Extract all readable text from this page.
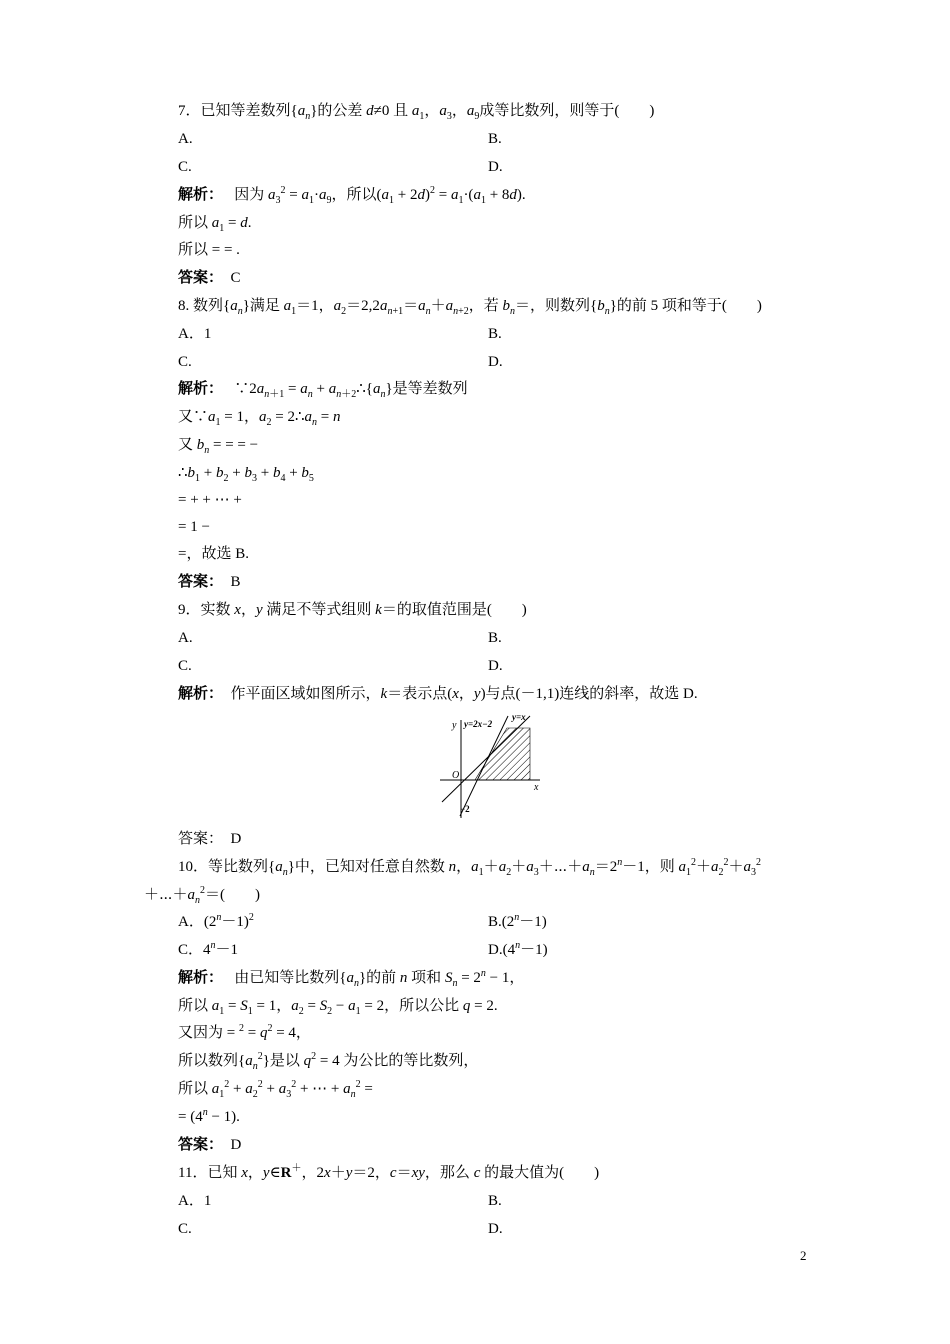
7．已知等差数列$\{a_n\}$的公差 d≠0 且 $a_1$，$a_3$，$a_9$成等比数列，则等于(　　)
A.	B.
C.	D.
解析：　 因为 $a_3^2 = a_1\cdot a_9$，所以$(a_1 + 2d)^2 = a_1\cdot(a_1 + 8d)$.
所以 $a_1 = d$.
所以 = = .
答案：　C
8. 数列$\{a_n\}$满足 $a_1=1$，$a_2=2,2a_{n+1}=a_n+a_{n+2}$，若 $b_n=$，则数列$\{b_n\}$的前 5 项和等于(　　)
A．1	B.
C.	D.
解析：　 $\because 2a_{n+1} = a_n$ + $a_{n+2}\therefore\{a_n\}$是等差数列
又$\because a_1 = 1$，$a_2$ = $2\therefore a_n = n$
又 $b_n$ = = = −
$\therefore b_1 + b_2 + b_3 + b_4 + b_5$
= + + ⋯ +
= 1 −
=，故选 B.
答案：　B
9．实数 x，y 满足不等式组则 k＝的取值范围是(　　)
A.	B.
C.	D.
解析：　作平面区域如图所示，k＝表示点(x，y)与点(－1,1)连线的斜率，故选 D.
答案：　D
10．等比数列$\{a_n\}$中，已知对任意自然数 n，$a_1+a_2+a_3+\cdots+a_n=2^n-1$，则 $a_1^2+a_2^2+a_3^2$
$+\cdots+a_n^2=$(　　)
A．$(2^n-1)^2$	$B.(2^n-1)$
C．$4^n-1$	$D.(4^n-1)$
解析：　 由已知等比数列$\{a_n\}$的前 n 项和 $S_n = 2^n - 1$，
所以 $a_1 = S_1 = 1$，$a_2 = S_2 - a_1 = 2$，所以公比 q = 2.
又因为 = $^2 = q^2 = 4$，
所以数列$\{a_n^2\}$是以 $q^2 = 4$ 为公比的等比数列，
所以 $a_1^2 + a_2^2 + a_3^2$ + ⋯ + $a_n^2$ =
= $(4^n - 1)$.
答案：　D
11．已知 x，y∈R＋，2x＋y＝2，c＝xy，那么 c 的最大值为(　　)
A．1	B.
C.	D.
y
x
O
y=2x−2
y=x
−2
2
